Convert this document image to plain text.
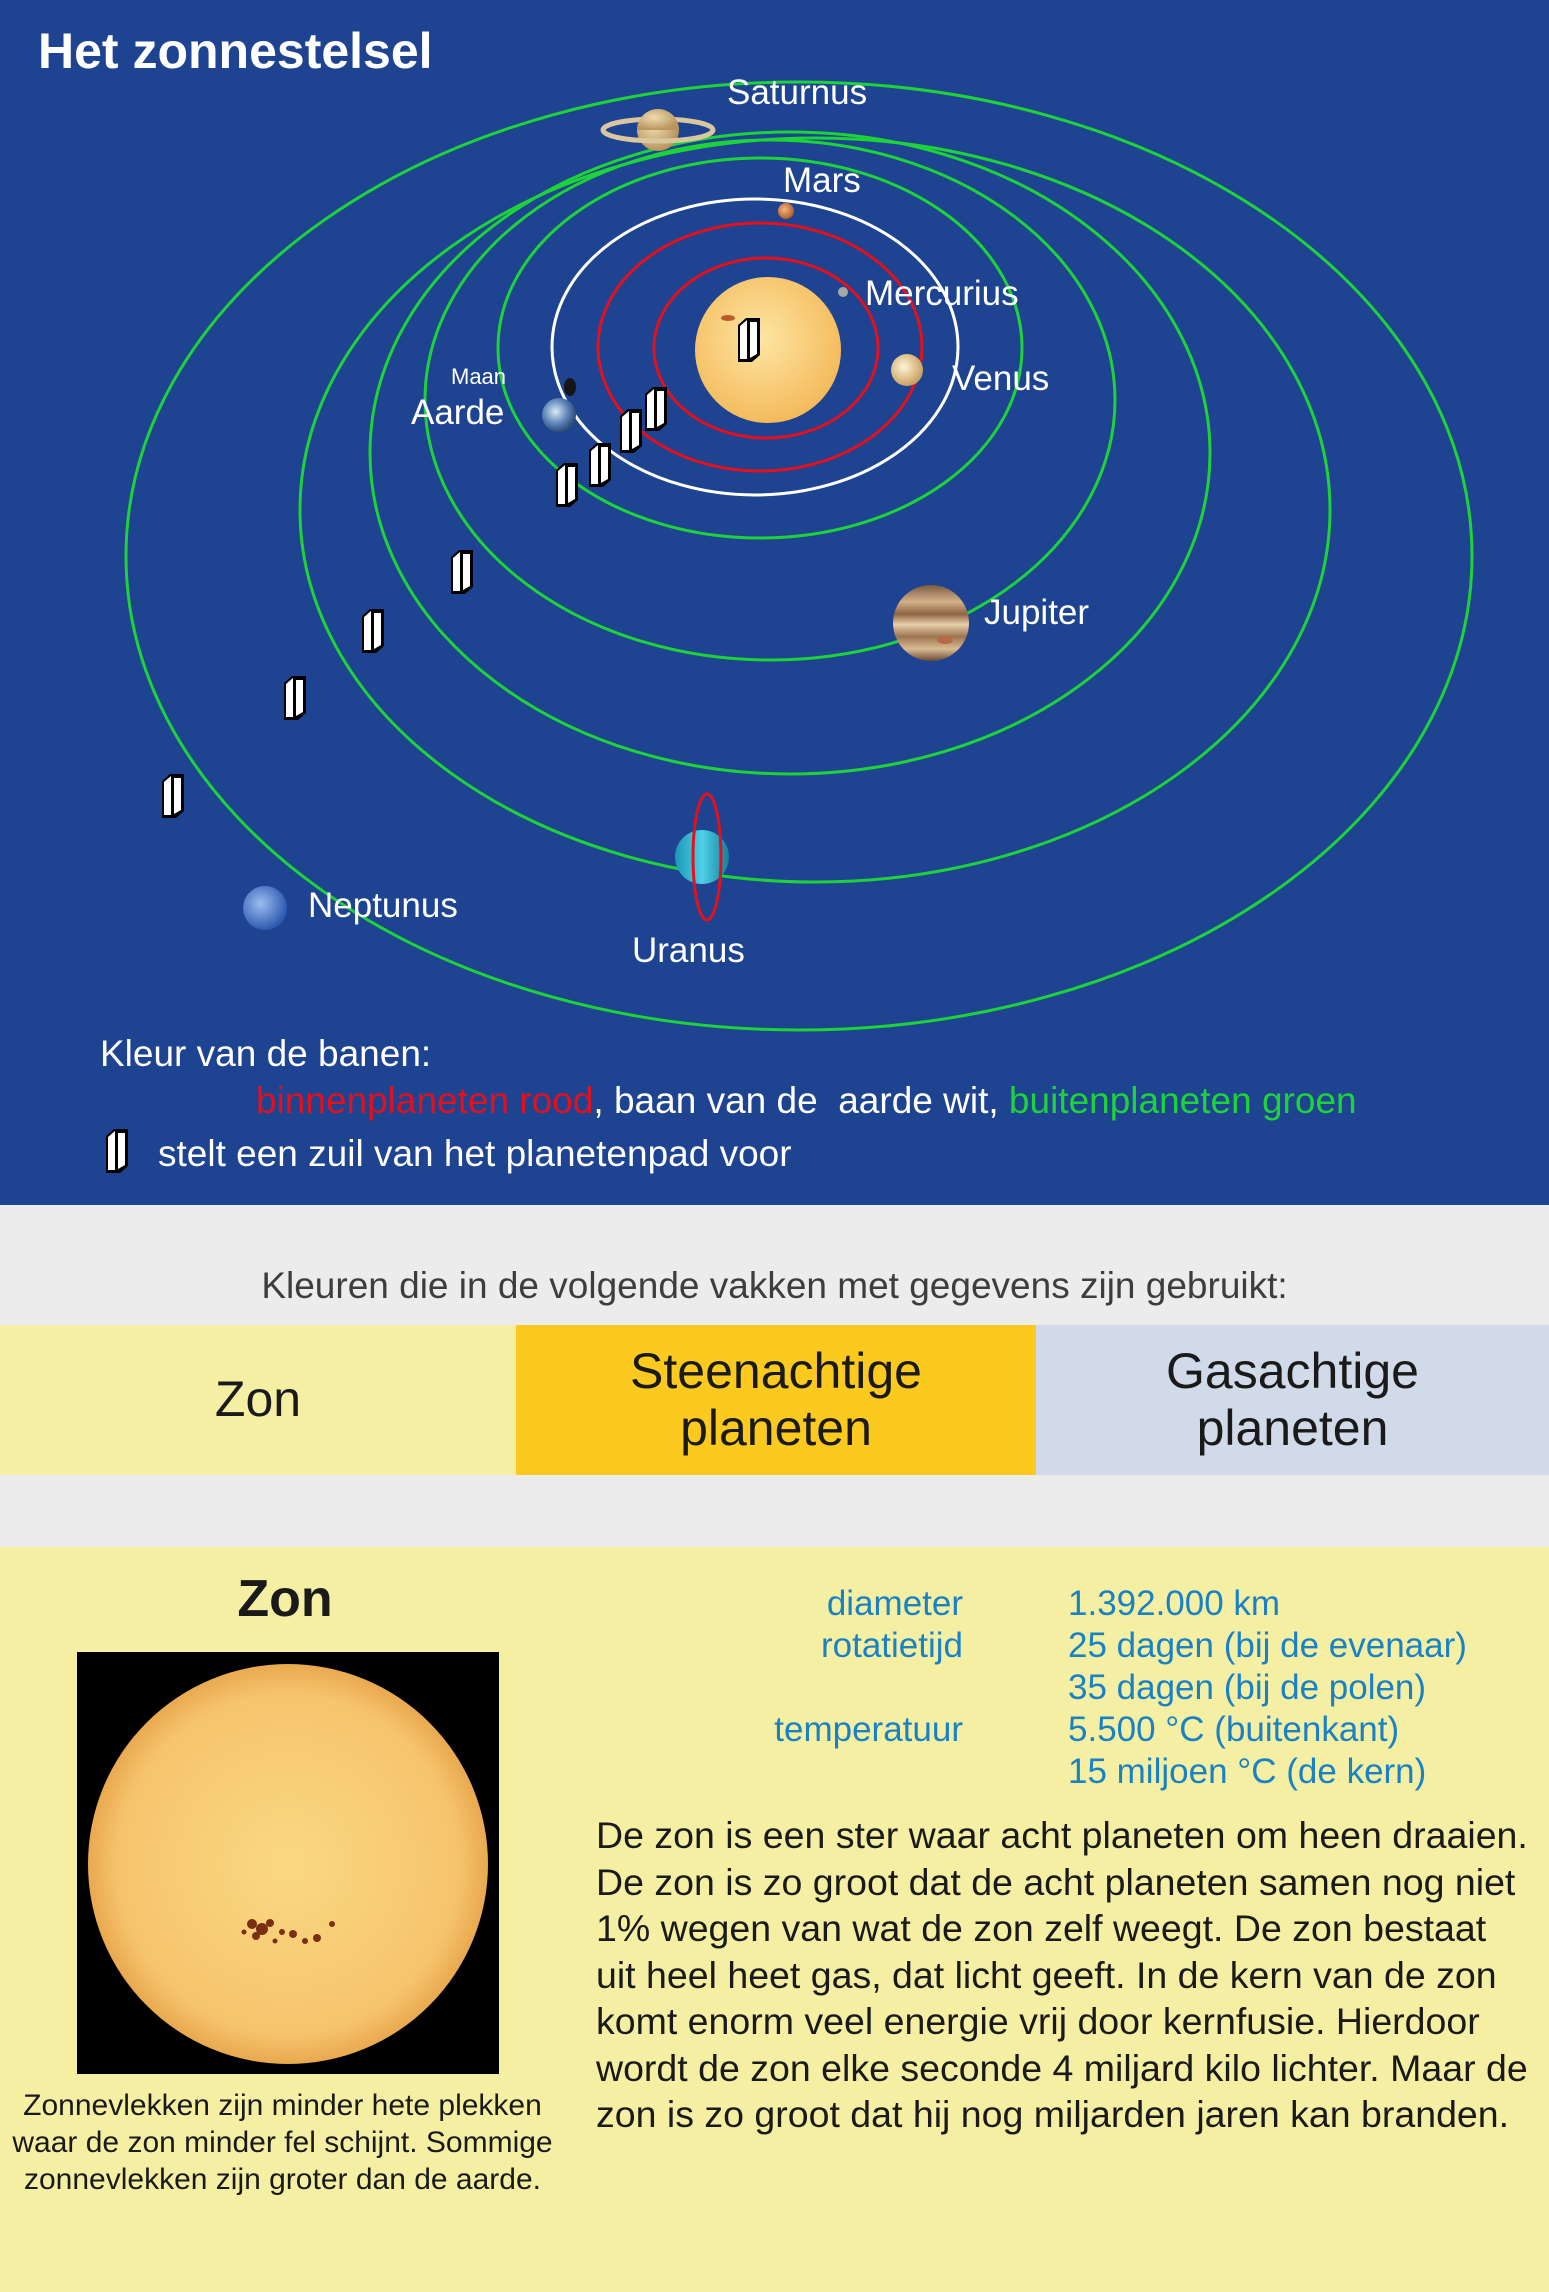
Saturnus
Mars
Mercurius
Venus
Maan
Aarde
Jupiter
Neptunus
Uranus
Het zonnestelsel
Kleur van de banen:
binnenplaneten rood, baan van de  aarde wit, buitenplaneten groen
stelt een zuil van het planetenpad voor
Kleuren die in de volgende vakken met gegevens zijn gebruikt:
Zon
Steenachtige planeten
Gasachtige planeten
Zon
Zonnevlekken zijn minder hete plekken waar de zon minder fel schijnt. Sommige zonnevlekken zijn groter dan de aarde.
diameter
rotatietijd

temperatuur

1.392.000 km
25 dagen (bij de evenaar)
35 dagen (bij de polen)
5.500 °C (buitenkant)
15 miljoen °C (de kern)
De zon is een ster waar acht planeten om heen draaien. De zon is zo groot dat de acht planeten samen nog niet 1% wegen van wat de zon zelf weegt. De zon bestaat uit heel heet gas, dat licht geeft. In de kern van de zon komt enorm veel energie vrij door kernfusie. Hierdoor wordt de zon elke seconde 4 miljard kilo lichter. Maar de zon is zo groot dat hij nog miljarden jaren kan branden.
